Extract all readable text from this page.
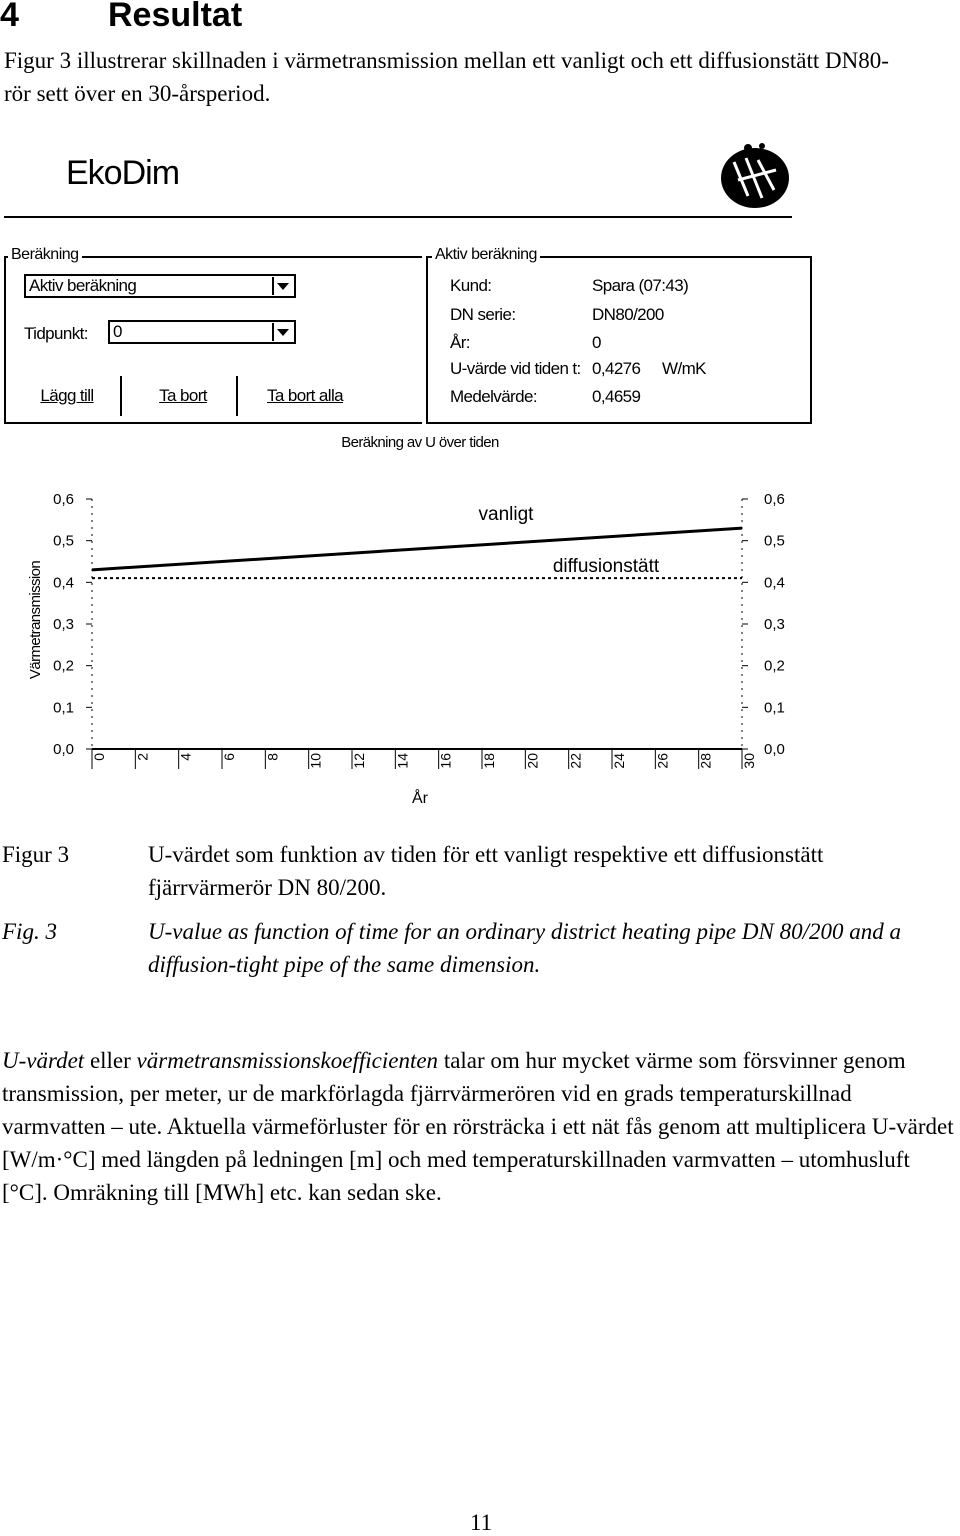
4	Resultat
Figur 3 illustrerar skillnaden i värmetransmission mellan ett vanligt och ett diffusionstätt DN80-rör sett över en 30-årsperiod.
EkoDim
Beräkning
Aktiv beräkning
Tidpunkt: 0
Lägg till	Ta bort	Ta bort alla
Aktiv beräkning
Kund:	Spara (07:43)
DN serie:	DN80/200
År:	0
U-värde vid tiden t: 0,4276 W/mK
Medelvärde:	0,4659
Beräkning av U över tiden
Värmetransmission
År
0,0
0,1
0,2
0,3
0,4
0,5
0,6
0,0
0,1
0,2
0,3
0,4
0,5
0,6
0 2 4 6 8 10 12 14 16 18 20 22 24 26 28 30
vanligt
diffusionstätt
Figur 3	U-värdet som funktion av tiden för ett vanligt respektive ett diffusionstätt fjärrvärmerör DN 80/200.
Fig. 3	U-value as function of time for an ordinary district heating pipe DN 80/200 and a diffusion-tight pipe of the same dimension.
U-värdet eller värmetransmissionskoefficienten talar om hur mycket värme som försvinner genom transmission, per meter, ur de markförlagda fjärrvärmerören vid en grads temperaturskillnad varmvatten – ute. Aktuella värmeförluster för en rörsträcka i ett nät fås genom att multiplicera U-värdet [W/m·°C] med längden på ledningen [m] och med temperaturskillnaden varmvatten – utomhusluft [°C]. Omräkning till [MWh] etc. kan sedan ske.
11
